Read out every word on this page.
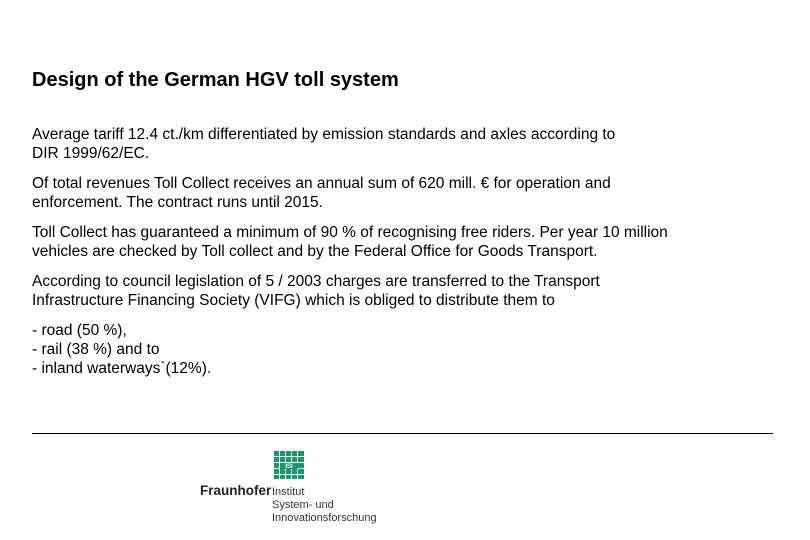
Design of the German HGV toll system
Average tariff 12.4 ct./km differentiated by emission standards and axles according to
DIR 1999/62/EC.
Of total revenues Toll Collect receives an annual sum of 620 mill. € for operation and
enforcement. The contract runs until 2015.
Toll Collect has guaranteed a minimum of 90 % of recognising free riders. Per year 10 million
vehicles are checked by Toll collect and by the Federal Office for Goods Transport.
According to council legislation of 5 / 2003 charges are transferred to the Transport
Infrastructure Financing Society (VIFG) which is obliged to distribute them to
- road (50 %),
- rail (38 %) and to
- inland waterways`(12%).
ISI
Fraunhofer Institut
System- und
Innovationsforschung
